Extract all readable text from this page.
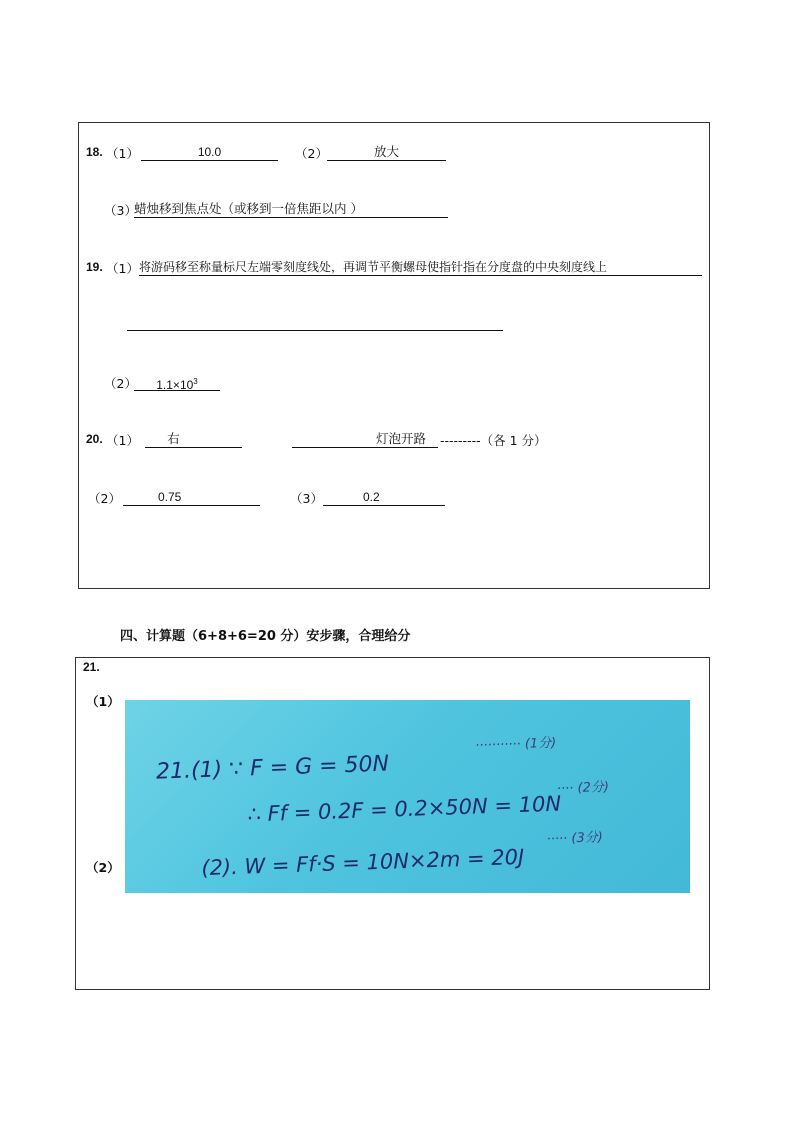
18. （1）	10.0	（2）	放大
（3）
蜡烛移到焦点处（或移到一倍焦距以内 ）
19. （1） 将游码移至称量标尺左端零刻度线处，再调节平衡螺母使指针指在分度盘的中央刻度线上
（2）	$1.1\times 10^3$
20. （1）	右	灯泡开路	---------（各 1 分）
（2）	0.75	（3）	0.2
四、计算题（6+8+6=20 分）安步骤，合理给分
21.
（1）
（2）
21.(1) ∵ F = G = 50N
··········· (1分)
∴ Ff = 0.2F = 0.2×50N = 10N
···· (2分)
(2). W = Ff·S = 10N×2m = 20J
····· (3分)
